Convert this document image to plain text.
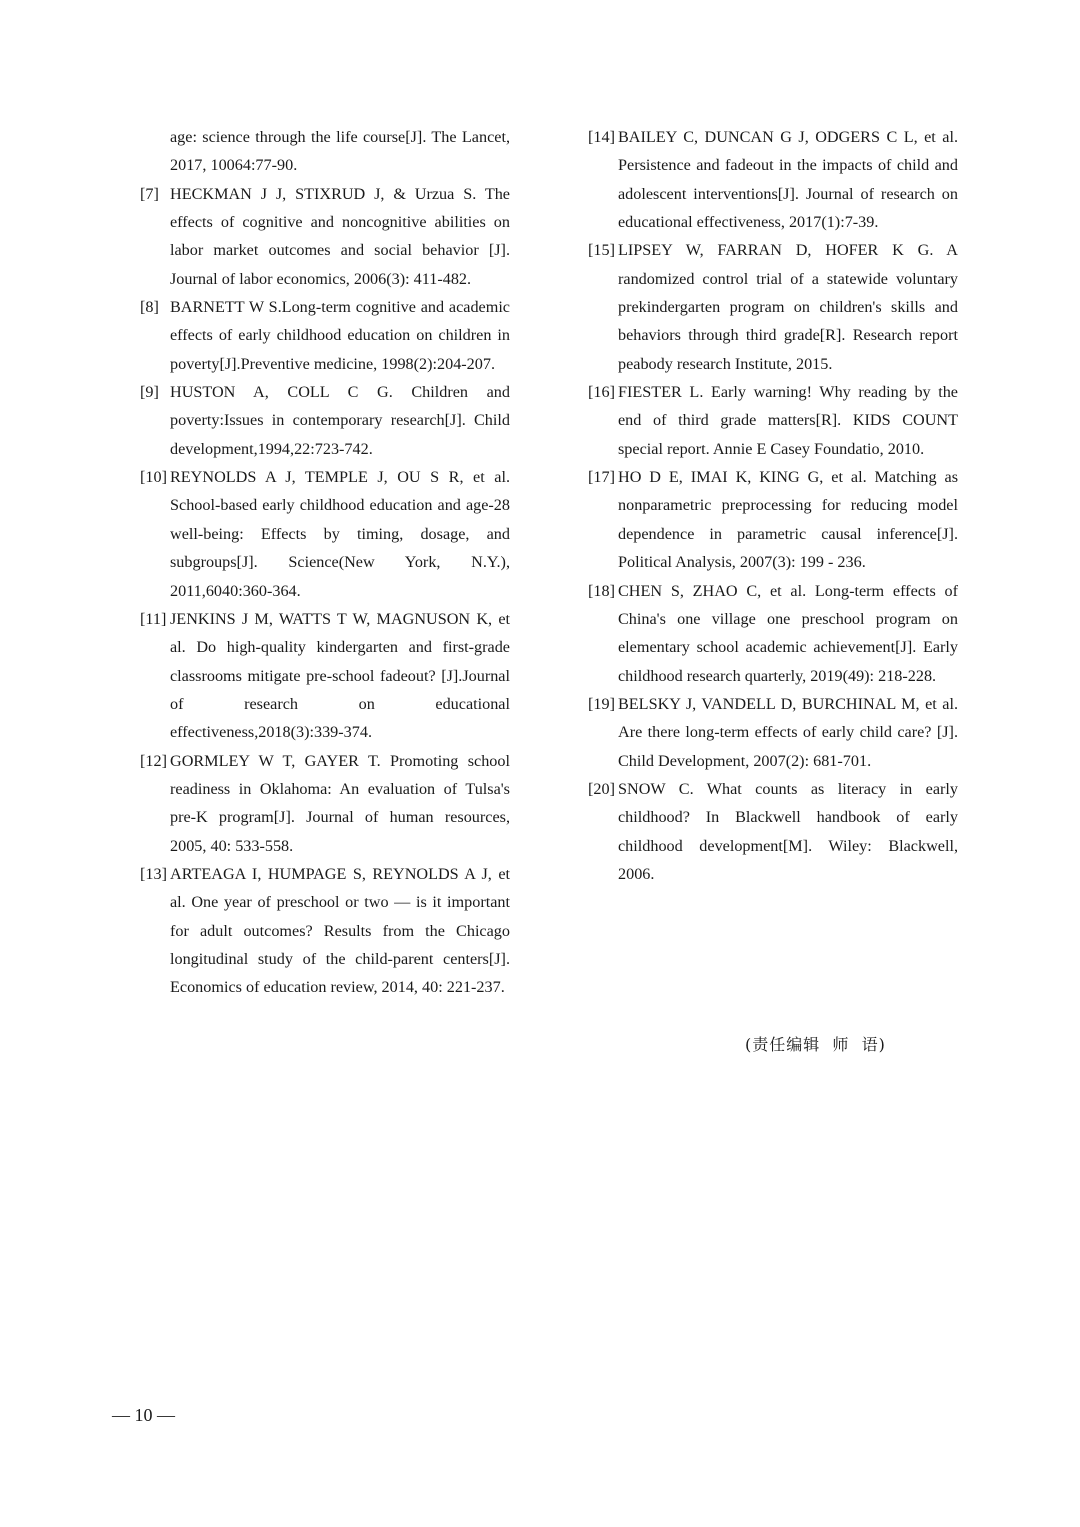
age: science through the life course[J]. The Lancet, 2017, 10064:77-90.

[7] HECKMAN J J, STIXRUD J, & Urzua S. The effects of cognitive and noncognitive abilities on labor market outcomes and social behavior [J]. Journal of labor economics, 2006(3): 411-482.
[8] BARNETT W S.Long-term cognitive and academic effects of early childhood education on children in poverty[J].Preventive medicine, 1998(2):204-207.
[9] HUSTON A, COLL C G. Children and poverty:Issues in contemporary research[J]. Child development,1994,22:723-742.
[10] REYNOLDS A J, TEMPLE J, OU S R, et al. School-based early childhood education and age-28 well-being: Effects by timing, dosage, and subgroups[J]. Science(New York, N.Y.), 2011,6040:360-364.
[11] JENKINS J M, WATTS T W, MAGNUSON K, et al. Do high-quality kindergarten and first-grade classrooms mitigate pre-school fadeout? [J].Journal of research on educational effectiveness,2018(3):339-374.
[12] GORMLEY W T, GAYER T. Promoting school readiness in Oklahoma: An evaluation of Tulsa's pre-K program[J]. Journal of human resources, 2005, 40: 533-558.
[13] ARTEAGA I, HUMPAGE S, REYNOLDS A J, et al. One year of preschool or two — is it important for adult outcomes? Results from the Chicago longitudinal study of the child-parent centers[J]. Economics of education review, 2014, 40: 221-237.
[14] BAILEY C, DUNCAN G J, ODGERS C L, et al. Persistence and fadeout in the impacts of child and adolescent interventions[J]. Journal of research on educational effectiveness, 2017(1):7-39.
[15] LIPSEY W, FARRAN D, HOFER K G. A randomized control trial of a statewide voluntary prekindergarten program on children's skills and behaviors through third grade[R]. Research report peabody research Institute, 2015.
[16] FIESTER L. Early warning! Why reading by the end of third grade matters[R]. KIDS COUNT special report. Annie E Casey Foundatio, 2010.
[17] HO D E, IMAI K, KING G, et al. Matching as nonparametric preprocessing for reducing model dependence in parametric causal inference[J]. Political Analysis, 2007(3): 199 - 236.
[18] CHEN S, ZHAO C, et al. Long-term effects of China's one village one preschool program on elementary school academic achievement[J]. Early childhood research quarterly, 2019(49): 218-228.
[19] BELSKY J, VANDELL D, BURCHINAL M, et al. Are there long-term effects of early child care? [J]. Child Development, 2007(2): 681-701.
[20] SNOW C. What counts as literacy in early childhood? In Blackwell handbook of early childhood development[M]. Wiley: Blackwell, 2006.
(责任编辑  师  语)
— 10 —
